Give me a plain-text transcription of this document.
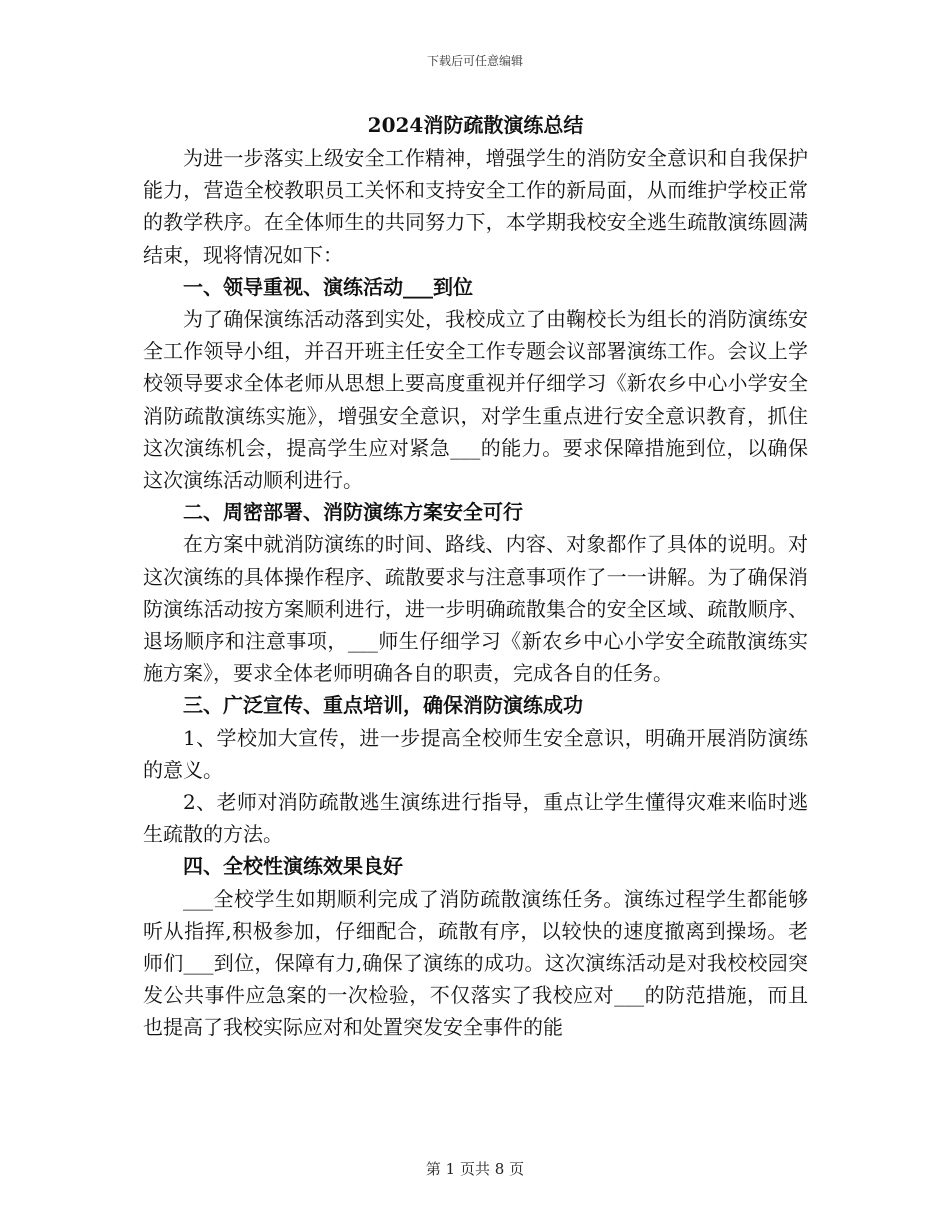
下载后可任意编辑
2024消防疏散演练总结

为进一步落实上级安全工作精神，增强学生的消防安全意识和自我保护能力，营造全校教职员工关怀和支持安全工作的新局面，从而维护学校正常的教学秩序。在全体师生的共同努力下，本学期我校安全逃生疏散演练圆满结束，现将情况如下：

一、领导重视、演练活动___到位

为了确保演练活动落到实处，我校成立了由鞠校长为组长的消防演练安全工作领导小组，并召开班主任安全工作专题会议部署演练工作。会议上学校领导要求全体老师从思想上要高度重视并仔细学习《新农乡中心小学安全消防疏散演练实施》，增强安全意识，对学生重点进行安全意识教育，抓住这次演练机会，提高学生应对紧急___的能力。要求保障措施到位，以确保这次演练活动顺利进行。

二、周密部署、消防演练方案安全可行

在方案中就消防演练的时间、路线、内容、对象都作了具体的说明。对这次演练的具体操作程序、疏散要求与注意事项作了一一讲解。为了确保消防演练活动按方案顺利进行，进一步明确疏散集合的安全区域、疏散顺序、退场顺序和注意事项，___师生仔细学习《新农乡中心小学安全疏散演练实施方案》，要求全体老师明确各自的职责，完成各自的任务。

三、广泛宣传、重点培训，确保消防演练成功

1、学校加大宣传，进一步提高全校师生安全意识，明确开展消防演练的意义。

2、老师对消防疏散逃生演练进行指导，重点让学生懂得灾难来临时逃生疏散的方法。

四、全校性演练效果良好

___全校学生如期顺利完成了消防疏散演练任务。演练过程学生都能够听从指挥,积极参加，仔细配合，疏散有序，以较快的速度撤离到操场。老师们___到位，保障有力,确保了演练的成功。这次演练活动是对我校校园突发公共事件应急案的一次检验，不仅落实了我校应对___的防范措施，而且也提高了我校实际应对和处置突发安全事件的能

第 1 页共 8 页
